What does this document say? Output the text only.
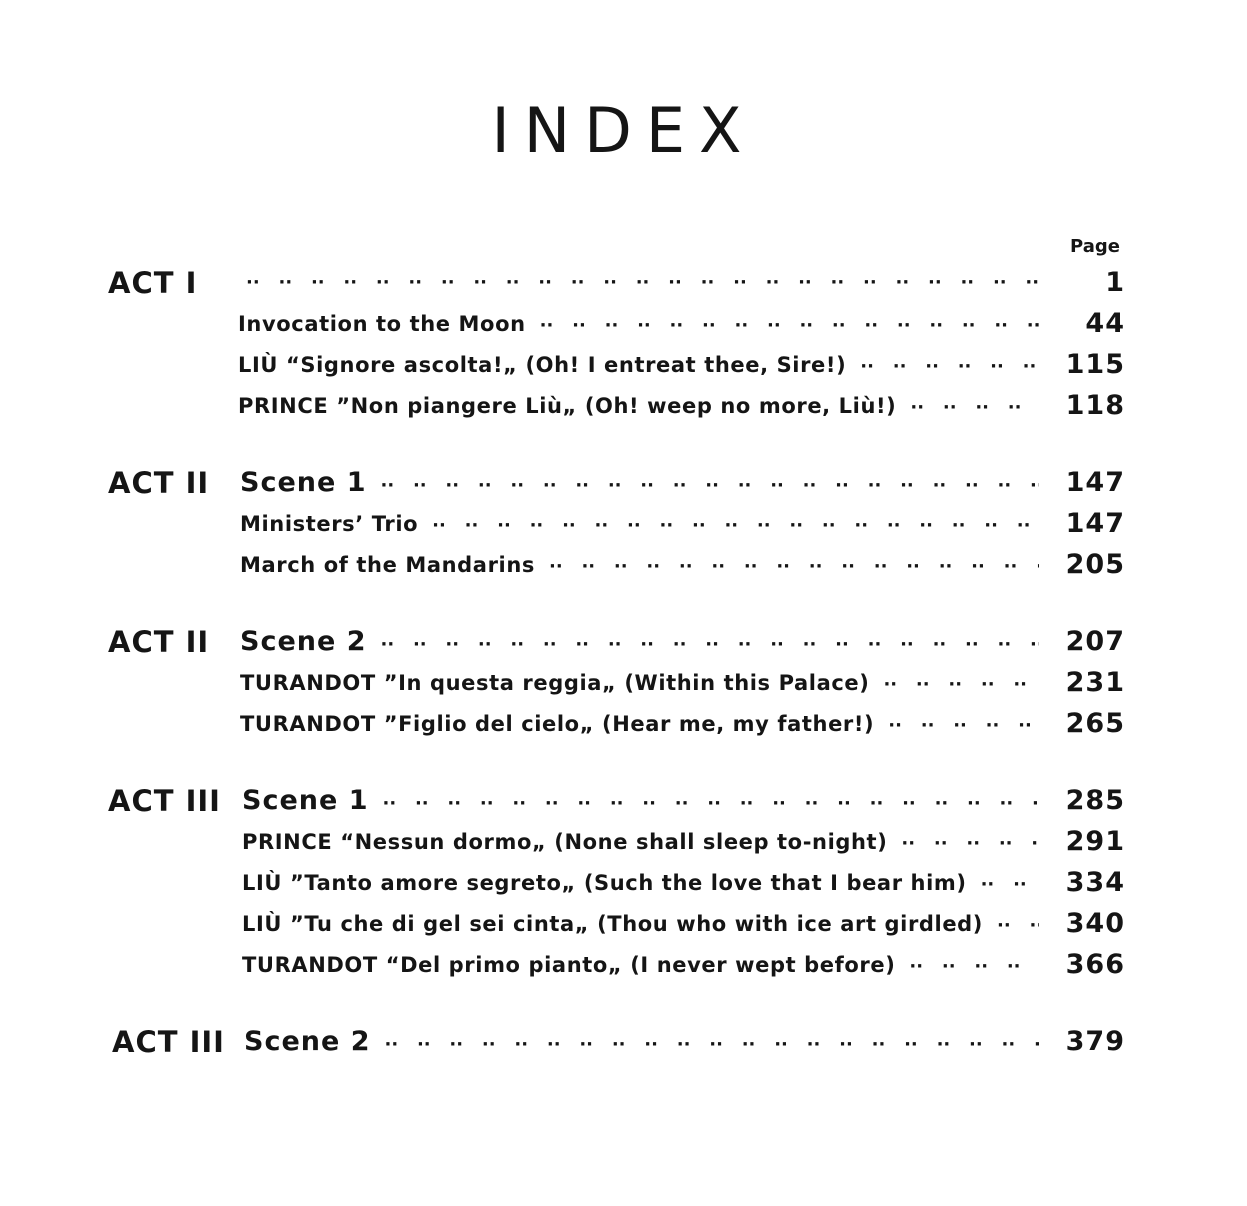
INDEX
Page
ACT I ··	1
Invocation to the Moon ··	44
LIÙ “Signore ascolta!„ (Oh! I entreat thee, Sire!) ··	115
PRINCE ”Non piangere Liù„ (Oh! weep no more, Liù!) ··	118
ACT II Scene 1 ··	147
Ministers’ Trio ··	147
March of the Mandarins ··	205
ACT II Scene 2 ··	207
TURANDOT ”In questa reggia„ (Within this Palace) ··	231
TURANDOT ”Figlio del cielo„ (Hear me, my father!) ··	265
ACT III Scene 1 ··	285
PRINCE “Nessun dormo„ (None shall sleep to-night) ··	291
LIÙ ”Tanto amore segreto„ (Such the love that I bear him) ··	334
LIÙ ”Tu che di gel sei cinta„ (Thou who with ice art girdled) ··	340
TURANDOT “Del primo pianto„ (I never wept before) ··	366
ACT III Scene 2 ··	379
